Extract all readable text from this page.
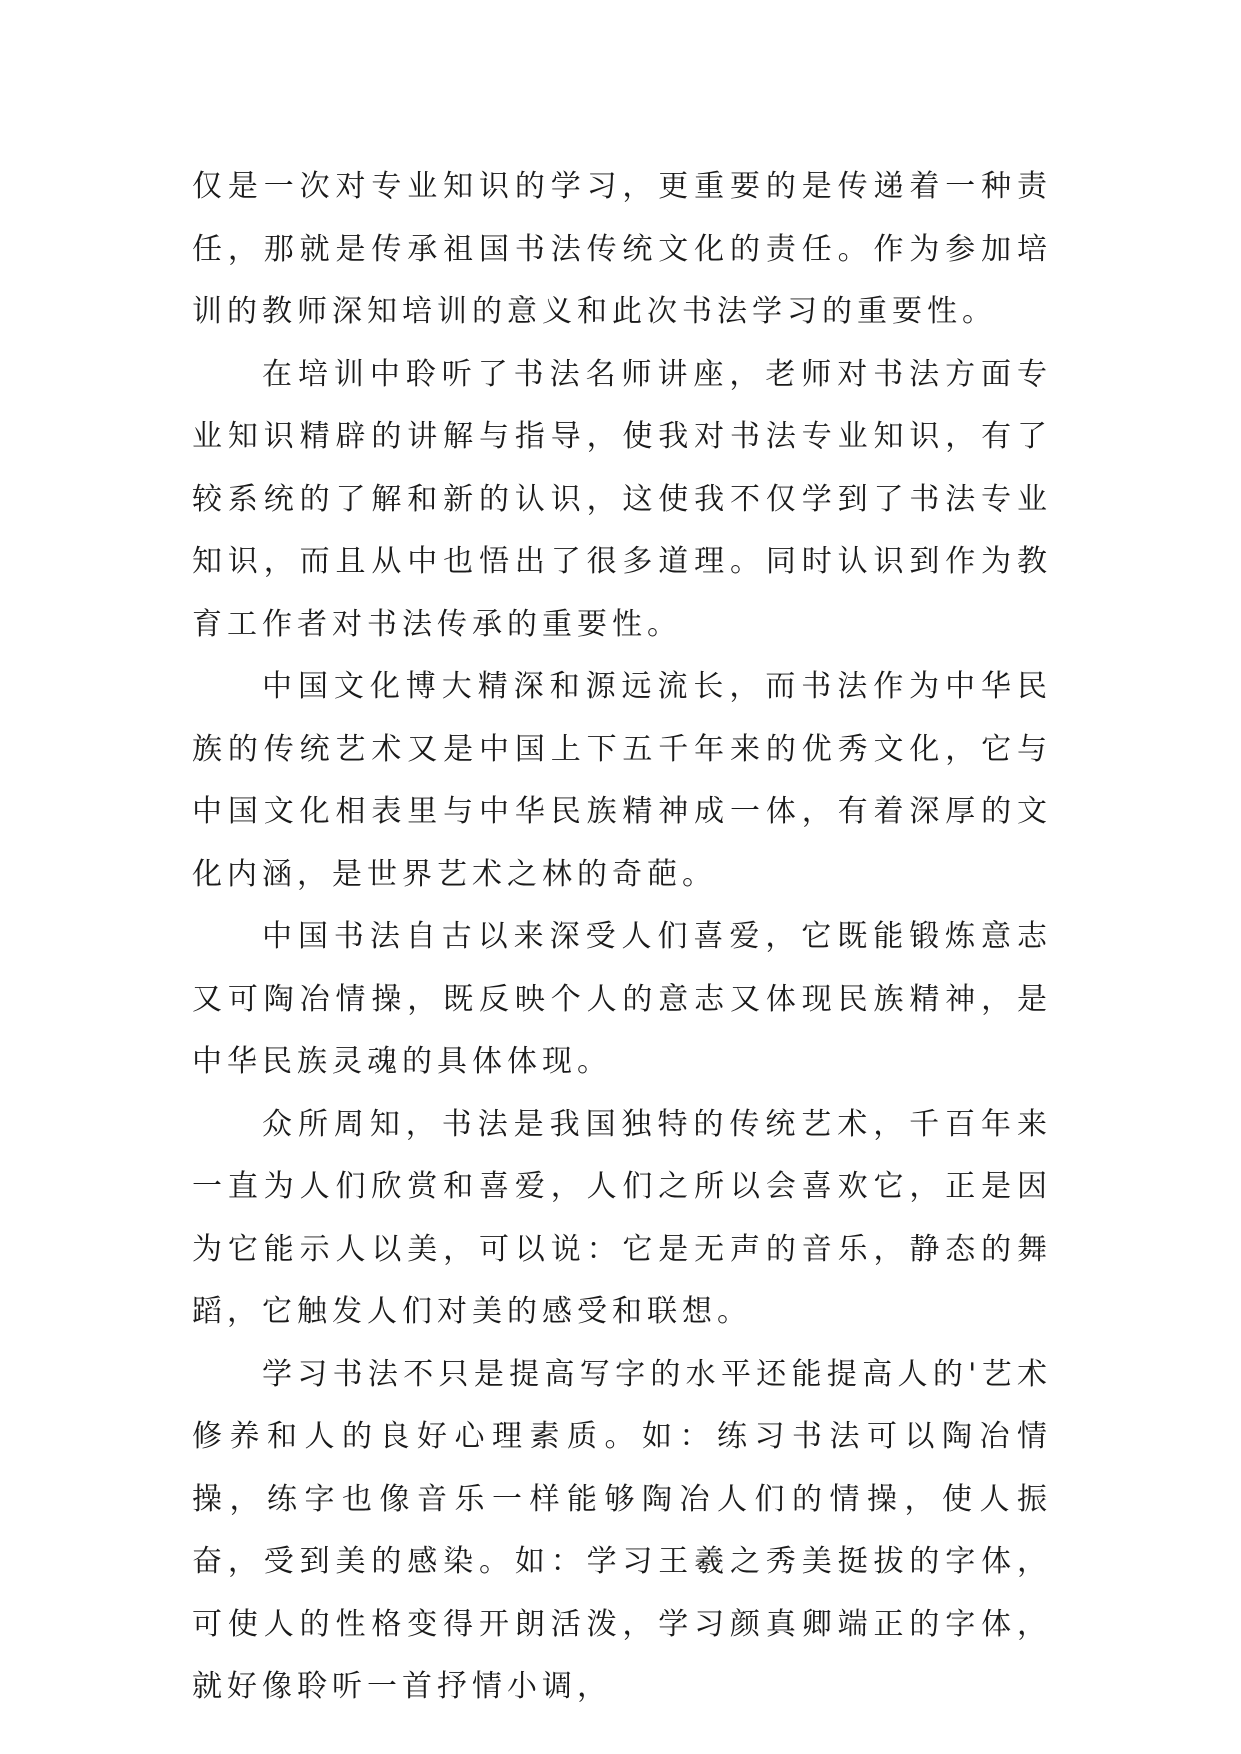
仅是一次对专业知识的学习，更重要的是传递着一种责任，那就是传承祖国书法传统文化的责任。作为参加培训的教师深知培训的意义和此次书法学习的重要性。

在培训中聆听了书法名师讲座，老师对书法方面专业知识精辟的讲解与指导，使我对书法专业知识，有了较系统的了解和新的认识，这使我不仅学到了书法专业知识，而且从中也悟出了很多道理。同时认识到作为教育工作者对书法传承的重要性。

中国文化博大精深和源远流长，而书法作为中华民族的传统艺术又是中国上下五千年来的优秀文化，它与中国文化相表里与中华民族精神成一体，有着深厚的文化内涵，是世界艺术之林的奇葩。

中国书法自古以来深受人们喜爱，它既能锻炼意志又可陶冶情操，既反映个人的意志又体现民族精神，是中华民族灵魂的具体体现。

众所周知，书法是我国独特的传统艺术，千百年来一直为人们欣赏和喜爱，人们之所以会喜欢它，正是因为它能示人以美，可以说：它是无声的音乐，静态的舞蹈，它触发人们对美的感受和联想。

学习书法不只是提高写字的水平还能提高人的'艺术修养和人的良好心理素质。如：练习书法可以陶冶情操，练字也像音乐一样能够陶冶人们的情操，使人振奋，受到美的感染。如：学习王羲之秀美挺拔的字体，可使人的性格变得开朗活泼，学习颜真卿端正的字体，就好像聆听一首抒情小调，
